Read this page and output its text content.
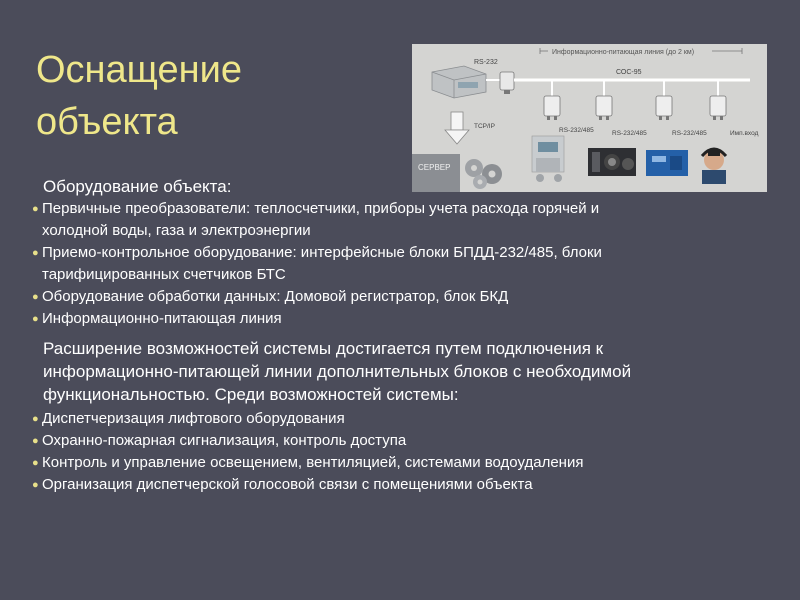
Оснащение
объекта
Информационно-питающая линия (до 2 км)
RS-232
СОС-95
RS-232/485	RS-232/485	RS-232/485	Имп.вход
TCP/IP
СЕРВЕР
Оборудование объекта:
● Первичные преобразователи: теплосчетчики, приборы учета расхода горячей и
холодной воды, газа и электроэнергии
● Приемо-контрольное оборудование: интерфейсные блоки БПДД-232/485, блоки
тарифицированных счетчиков БТС
● Оборудование обработки данных: Домовой регистратор, блок БКД
● Информационно-питающая линия
Расширение возможностей системы достигается путем подключения к
информационно-питающей линии дополнительных блоков с необходимой
функциональностью. Среди возможностей системы:
● Диспетчеризация лифтового оборудования
● Охранно-пожарная сигнализация, контроль доступа
● Контроль и управление освещением, вентиляцией, системами водоудаления
● Организация диспетчерской голосовой связи с помещениями объекта
